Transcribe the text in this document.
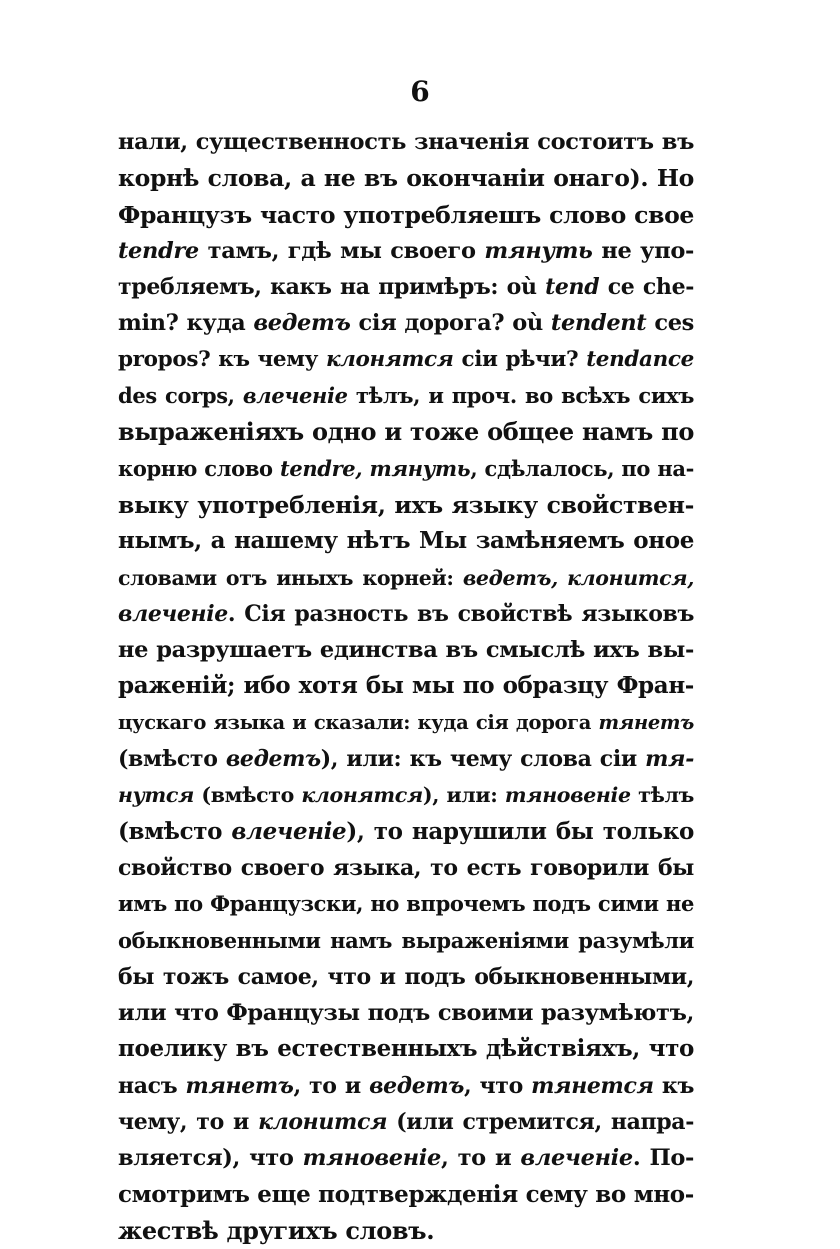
6
нали, существенность значенія состоитъ въ
корнѣ слова, а не въ окончаніи онаго). Но
Французъ часто употребляешъ слово свое
tendre тамъ, гдѣ мы своего тянуть не упо-
требляемъ, какъ на примѣръ: où tend ce che-
min? куда ведетъ сія дорога? où tendent ces
propos? къ чему клонятся сіи рѣчи? tendance
des corps, влеченіе тѣлъ, и проч. во всѣхъ сихъ
выраженіяхъ одно и тоже общее намъ по
корню слово tendre, тянуть, сдѣлалось, по на-
выку употребленія, ихъ языку свойствен-
нымъ, а нашему нѣтъ Мы замѣняемъ оное
словами отъ иныхъ корней: ведетъ, клонится,
влеченіе. Сія разность въ свойствѣ языковъ
не разрушаетъ единства въ смыслѣ ихъ вы-
раженій; ибо хотя бы мы по образцу Фран-
цускаго языка и сказали: куда сія дорога тянетъ
(вмѣсто ведетъ), или: къ чему слова сіи тя-
нутся (вмѣсто клонятся), или: тяновеніе тѣлъ
(вмѣсто влеченіе), то нарушили бы только
свойство своего языка, то есть говорили бы
имъ по Французски, но впрочемъ подъ сими не
обыкновенными намъ выраженіями разумѣли
бы тожъ самое, что и подъ обыкновенными,
или что Французы подъ своими разумѣютъ,
поелику въ естественныхъ дѣйствіяхъ, что
насъ тянетъ, то и ведетъ, что тянется къ
чему, то и клонится (или стремится, напра-
вляется), что тяновеніе, то и влеченіе. По-
смотримъ еще подтвержденія сему во мно-
жествѣ другихъ словъ.
